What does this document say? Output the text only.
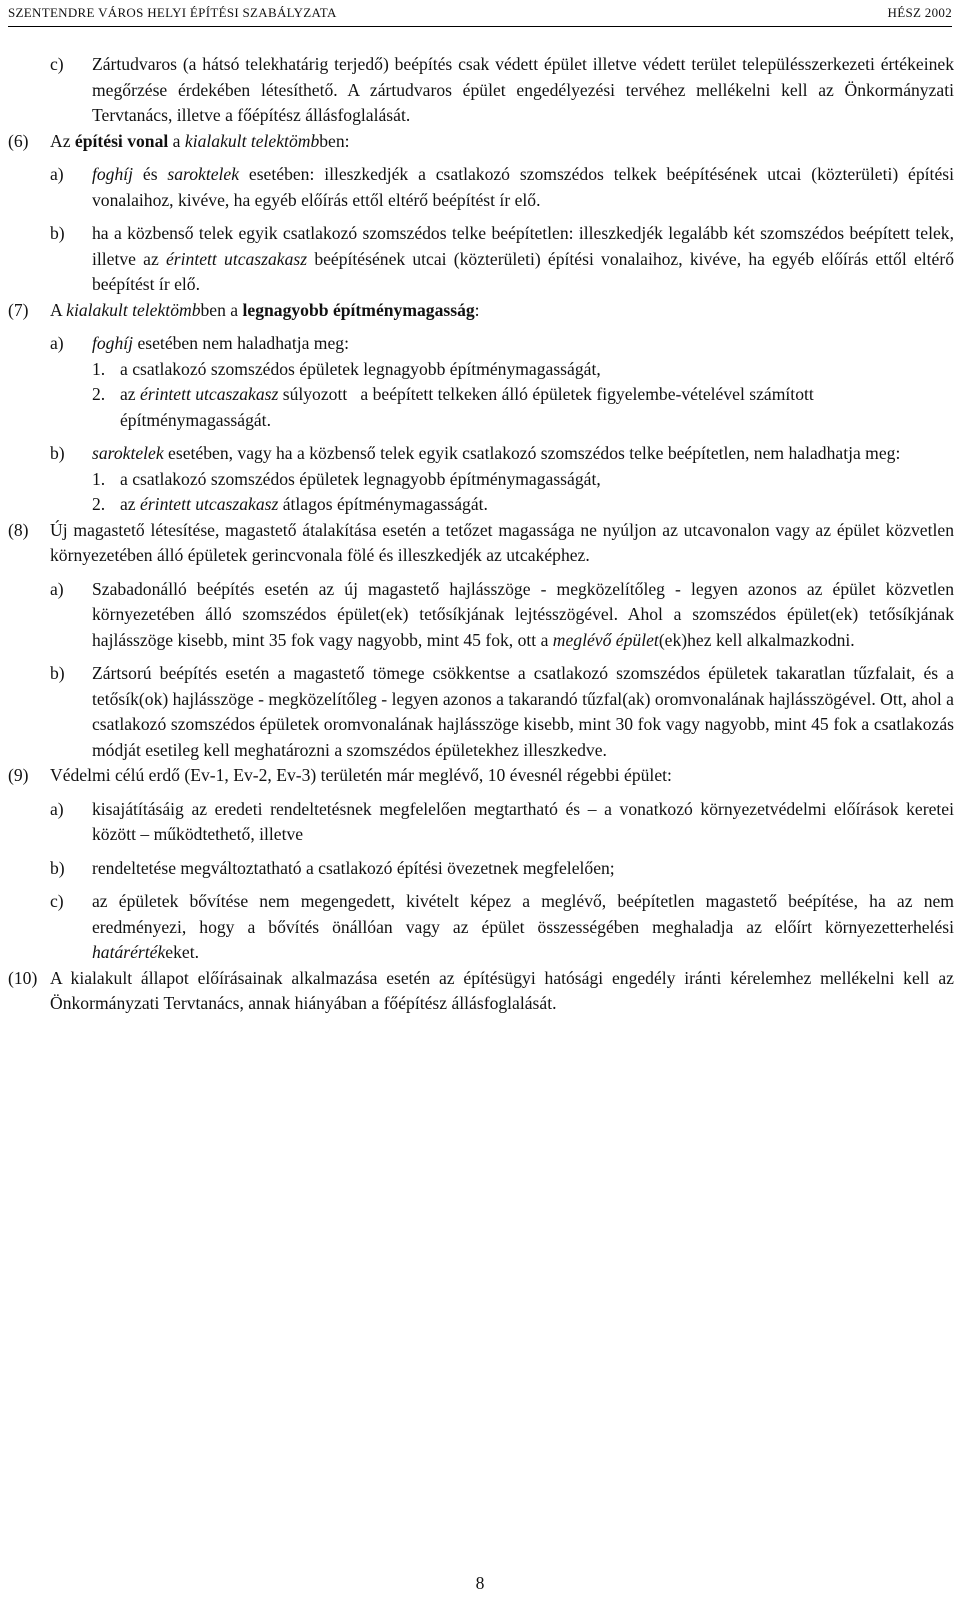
SZENTENDRE VÁROS HELYI ÉPÍTÉSI SZABÁLYZATA	HÉSZ 2002
c)	Zártudvaros (a hátsó telekhatárig terjedő) beépítés csak védett épület illetve védett terület településszerkezeti értékeinek megőrzése érdekében létesíthető. A zártudvaros épület engedélyezési tervéhez mellékelni kell az Önkormányzati Tervtanács, illetve a főépítész állásfoglalását.
(6)	Az építési vonal a kialakult telektömbben:
a)	foghíj és saroktelek esetében: illeszkedjék a csatlakozó szomszédos telkek beépítésének utcai (közterületi) építési vonalaihoz, kivéve, ha egyéb előírás ettől eltérő beépítést ír elő.
b)	ha a közbenső telek egyik csatlakozó szomszédos telke beépítetlen: illeszkedjék legalább két szomszédos beépített telek, illetve az érintett utcaszakasz beépítésének utcai (közterületi) építési vonalaihoz, kivéve, ha egyéb előírás ettől eltérő beépítést ír elő.
(7)	A kialakult telektömbben a legnagyobb építménymagasság:
a)	foghíj esetében nem haladhatja meg:
1. a csatlakozó szomszédos épületek legnagyobb építménymagasságát,
2. az érintett utcaszakasz súlyozott   a beépített telkeken álló épületek figyelembe-vételével számított   építménymagasságát.
b)	saroktelek esetében, vagy ha a közbenső telek egyik csatlakozó szomszédos telke beépítetlen, nem haladhatja meg:
1. a csatlakozó szomszédos épületek legnagyobb építménymagasságát,
2. az érintett utcaszakasz átlagos építménymagasságát.
(8)	Új magastető létesítése, magastető átalakítása esetén a tetőzet magassága ne nyúljon az utcavonalon vagy az épület közvetlen környezetében álló épületek gerincvonala fölé és illeszkedjék az utcaképhez.
a)	Szabadonálló beépítés esetén az új magastető hajlásszöge - megközelítőleg - legyen azonos az épület közvetlen környezetében álló szomszédos épület(ek) tetősíkjának lejtésszögével. Ahol a szomszédos épület(ek) tetősíkjának hajlásszöge kisebb, mint 35 fok vagy nagyobb, mint 45 fok, ott a meglévő épület(ek)hez kell alkalmazkodni.
b)	Zártsorú beépítés esetén a magastető tömege csökkentse a csatlakozó szomszédos épületek takaratlan tűzfalait, és a tetősík(ok) hajlásszöge - megközelítőleg - legyen azonos a takarandó tűzfal(ak) oromvonalának hajlásszögével. Ott, ahol a csatlakozó szomszédos épületek oromvonalának hajlásszöge kisebb, mint 30 fok vagy nagyobb, mint 45 fok a csatlakozás módját esetileg kell meghatározni a szomszédos épületekhez illeszkedve.
(9)	Védelmi célú erdő (Ev-1, Ev-2, Ev-3) területén már meglévő, 10 évesnél régebbi épület:
a)	kisajátításáig az eredeti rendeltetésnek megfelelően megtartható és – a vonatkozó környezetvédelmi előírások keretei között – működtethető, illetve
b)	rendeltetése megváltoztatható a csatlakozó építési övezetnek megfelelően;
c)	az épületek bővítése nem megengedett, kivételt képez a meglévő, beépítetlen magastető beépítése, ha az nem eredményezi, hogy a bővítés önállóan vagy az épület összességében meghaladja az előírt környezetterhelési határértékeket.
(10) A kialakult állapot előírásainak alkalmazása esetén az építésügyi hatósági engedély iránti kérelemhez mellékelni kell az Önkormányzati Tervtanács, annak hiányában a főépítész állásfoglalását.
8
